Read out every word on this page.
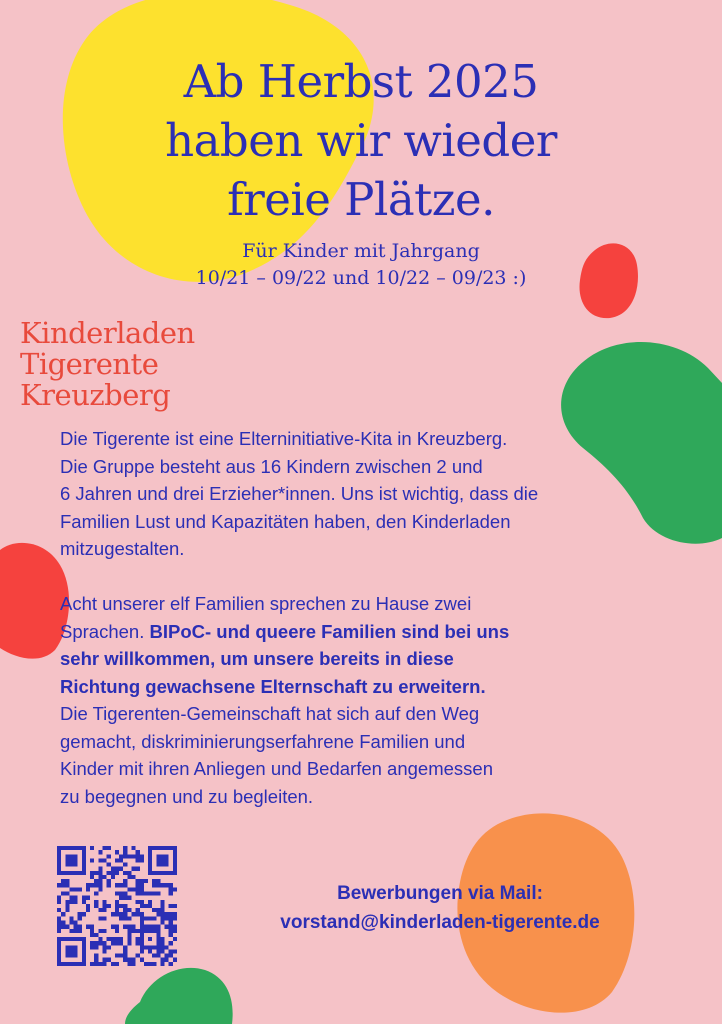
Ab Herbst 2025
haben wir wieder
freie Plätze.
Für Kinder mit Jahrgang
10/21 – 09/22 und 10/22 – 09/23 :)
Kinderladen
Tigerente
Kreuzberg
Die Tigerente ist eine Elterninitiative-Kita in Kreuzberg.
Die Gruppe besteht aus 16 Kindern zwischen 2 und
6 Jahren und drei Erzieher*innen. Uns ist wichtig, dass die
Familien Lust und Kapazitäten haben, den Kinderladen
mitzugestalten.
Acht unserer elf Familien sprechen zu Hause zwei
Sprachen. BIPoC- und queere Familien sind bei uns
sehr willkommen, um unsere bereits in diese
Richtung gewachsene Elternschaft zu erweitern.
Die Tigerenten-Gemeinschaft hat sich auf den Weg
gemacht, diskriminierungserfahrene Familien und
Kinder mit ihren Anliegen und Bedarfen angemessen
zu begegnen und zu begleiten.
Bewerbungen via Mail:
vorstand@kinderladen-tigerente.de
